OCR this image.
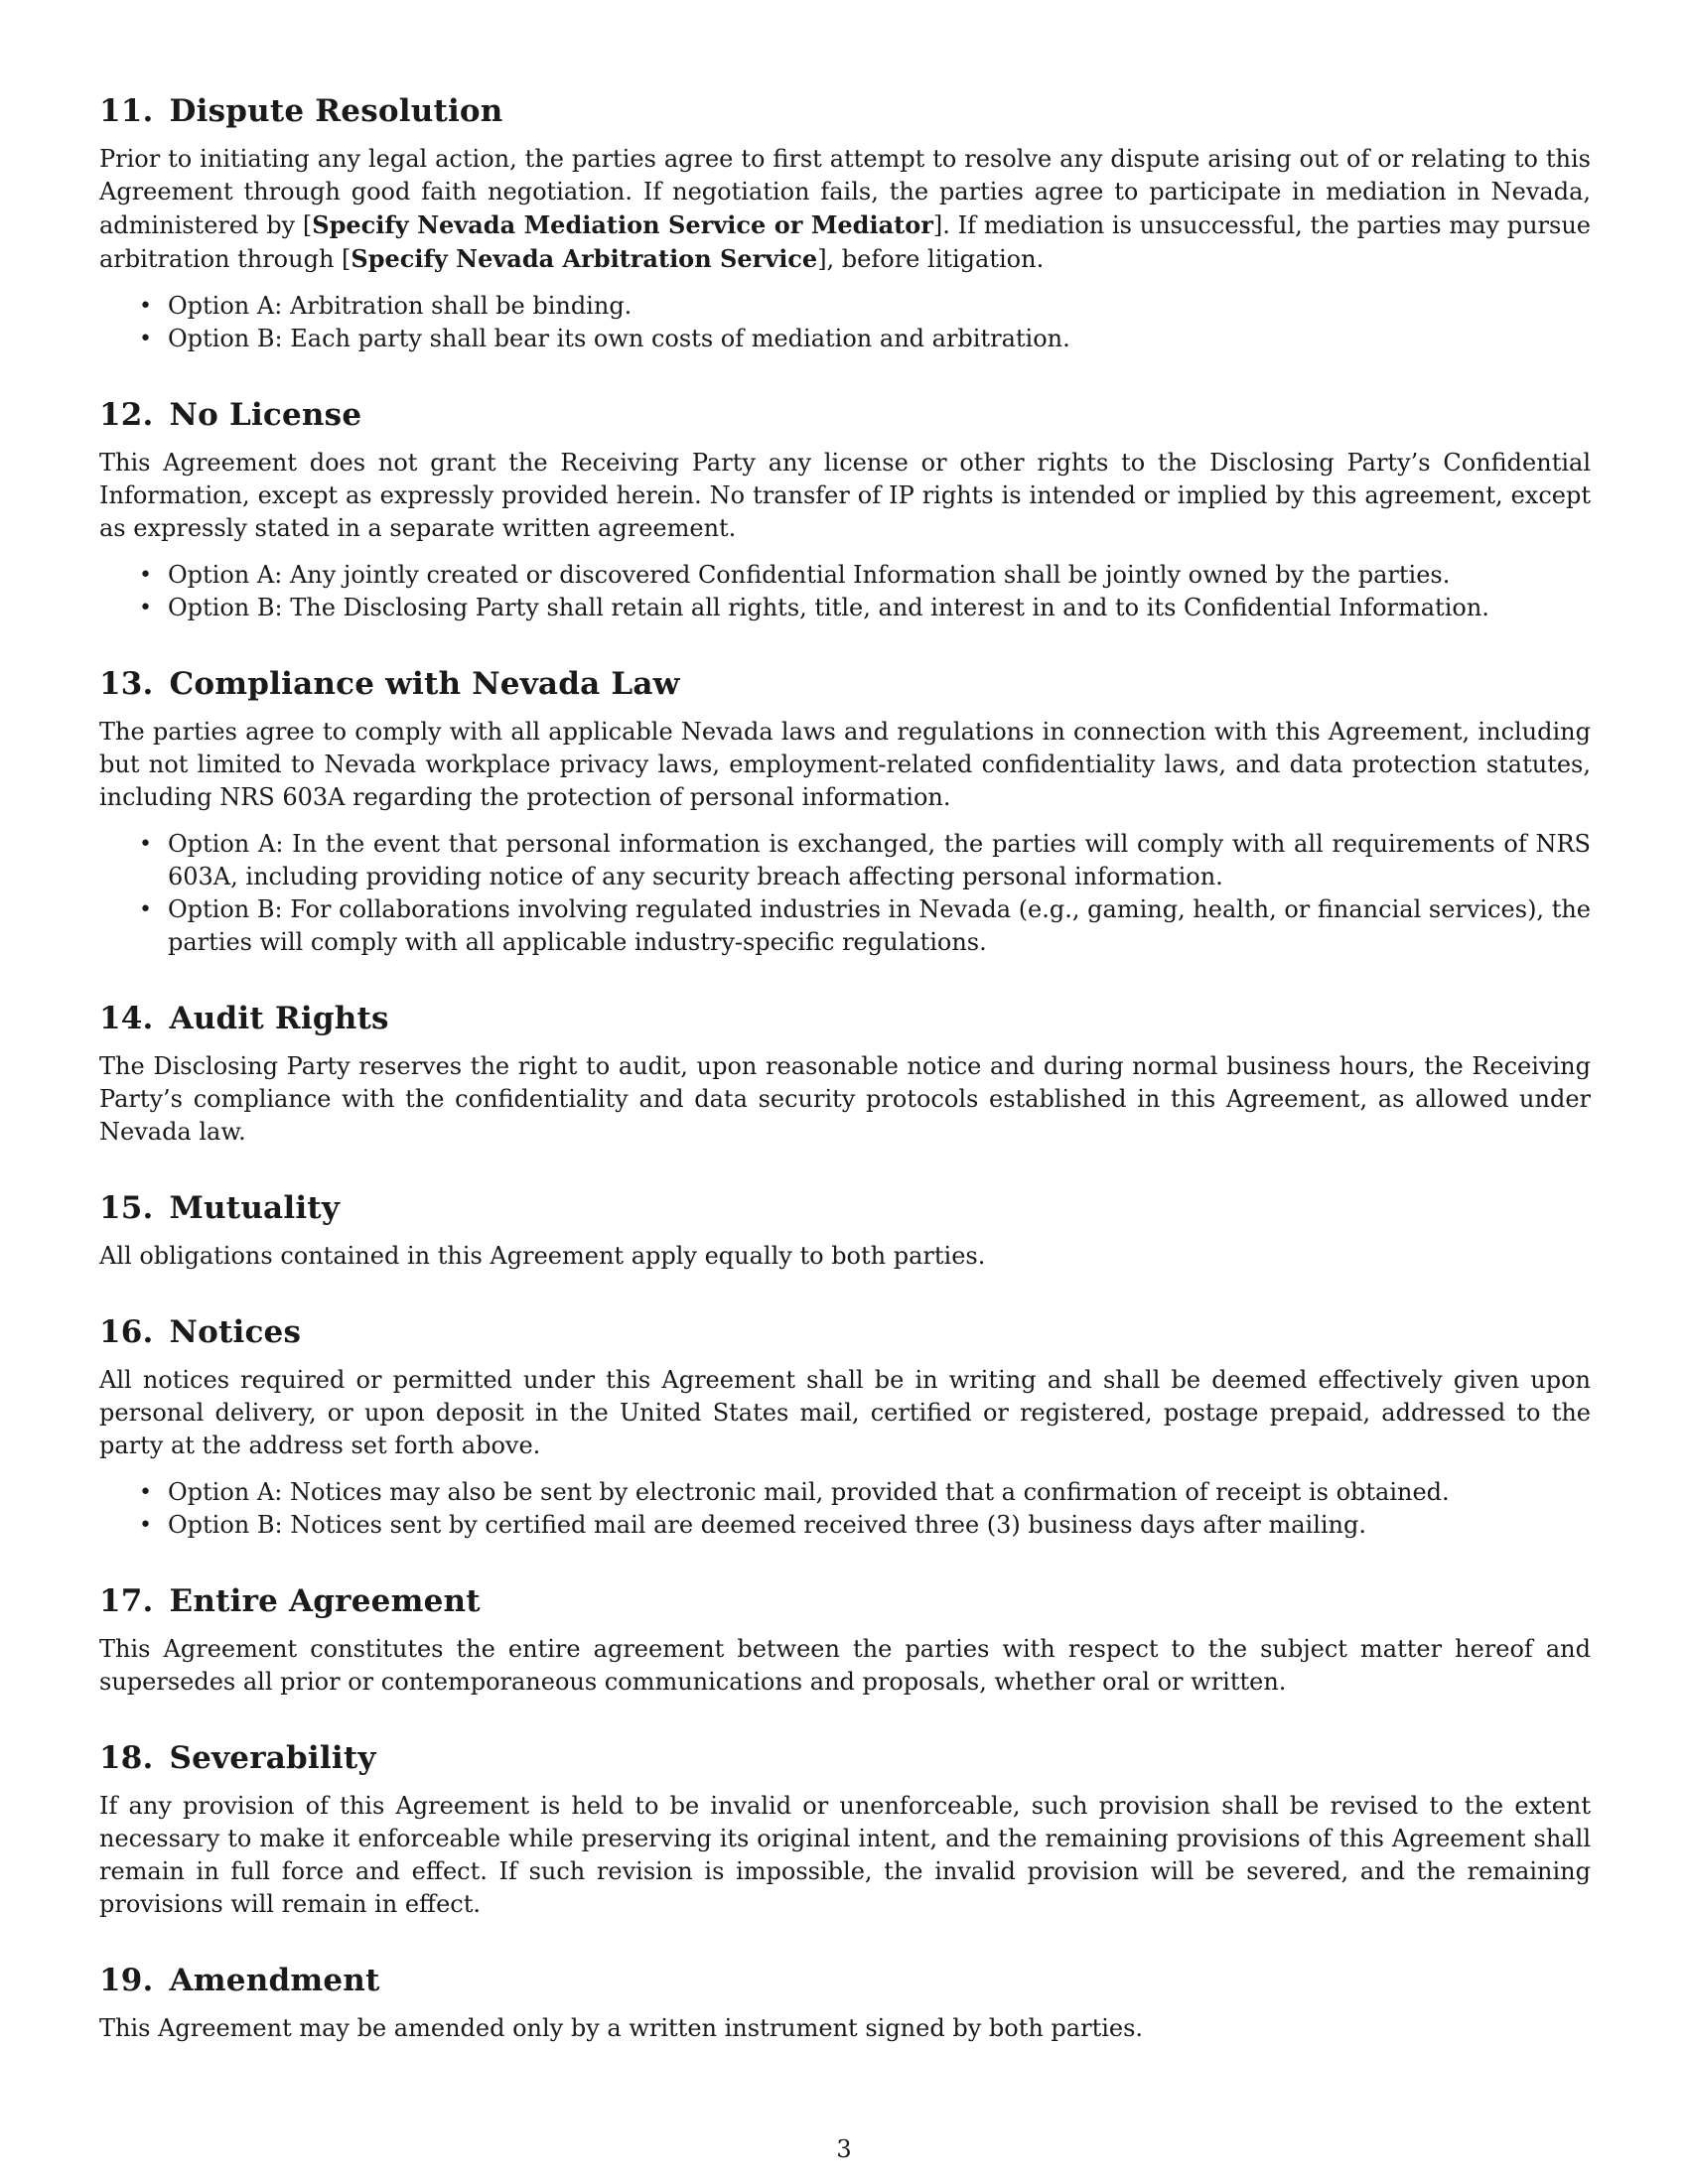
11. Dispute Resolution

Prior to initiating any legal action, the parties agree to first attempt to resolve any dispute arising out of or relating to this Agreement through good faith negotiation. If negotiation fails, the parties agree to participate in mediation in Nevada, administered by [Specify Nevada Mediation Service or Mediator]. If mediation is unsuccessful, the parties may pursue arbitration through [Specify Nevada Arbitration Service], before litigation.

• Option A: Arbitration shall be binding.
• Option B: Each party shall bear its own costs of mediation and arbitration.
12. No License

This Agreement does not grant the Receiving Party any license or other rights to the Disclosing Party’s Confidential Information, except as expressly provided herein. No transfer of IP rights is intended or implied by this agreement, except as expressly stated in a separate written agreement.

• Option A: Any jointly created or discovered Confidential Information shall be jointly owned by the parties.
• Option B: The Disclosing Party shall retain all rights, title, and interest in and to its Confidential Information.
13. Compliance with Nevada Law

The parties agree to comply with all applicable Nevada laws and regulations in connection with this Agreement, including but not limited to Nevada workplace privacy laws, employment-related confidentiality laws, and data protection statutes, including NRS 603A regarding the protection of personal information.

• Option A: In the event that personal information is exchanged, the parties will comply with all requirements of NRS 603A, including providing notice of any security breach affecting personal information.
• Option B: For collaborations involving regulated industries in Nevada (e.g., gaming, health, or financial services), the parties will comply with all applicable industry-specific regulations.
14. Audit Rights

The Disclosing Party reserves the right to audit, upon reasonable notice and during normal business hours, the Receiving Party’s compliance with the confidentiality and data security protocols established in this Agreement, as allowed under Nevada law.

15. Mutuality

All obligations contained in this Agreement apply equally to both parties.

16. Notices

All notices required or permitted under this Agreement shall be in writing and shall be deemed effectively given upon personal delivery, or upon deposit in the United States mail, certified or registered, postage prepaid, addressed to the party at the address set forth above.

• Option A: Notices may also be sent by electronic mail, provided that a confirmation of receipt is obtained.
• Option B: Notices sent by certified mail are deemed received three (3) business days after mailing.
17. Entire Agreement

This Agreement constitutes the entire agreement between the parties with respect to the subject matter hereof and supersedes all prior or contemporaneous communications and proposals, whether oral or written.

18. Severability

If any provision of this Agreement is held to be invalid or unenforceable, such provision shall be revised to the extent necessary to make it enforceable while preserving its original intent, and the remaining provisions of this Agreement shall remain in full force and effect. If such revision is impossible, the invalid provision will be severed, and the remaining provisions will remain in effect.

19. Amendment

This Agreement may be amended only by a written instrument signed by both parties.

3
